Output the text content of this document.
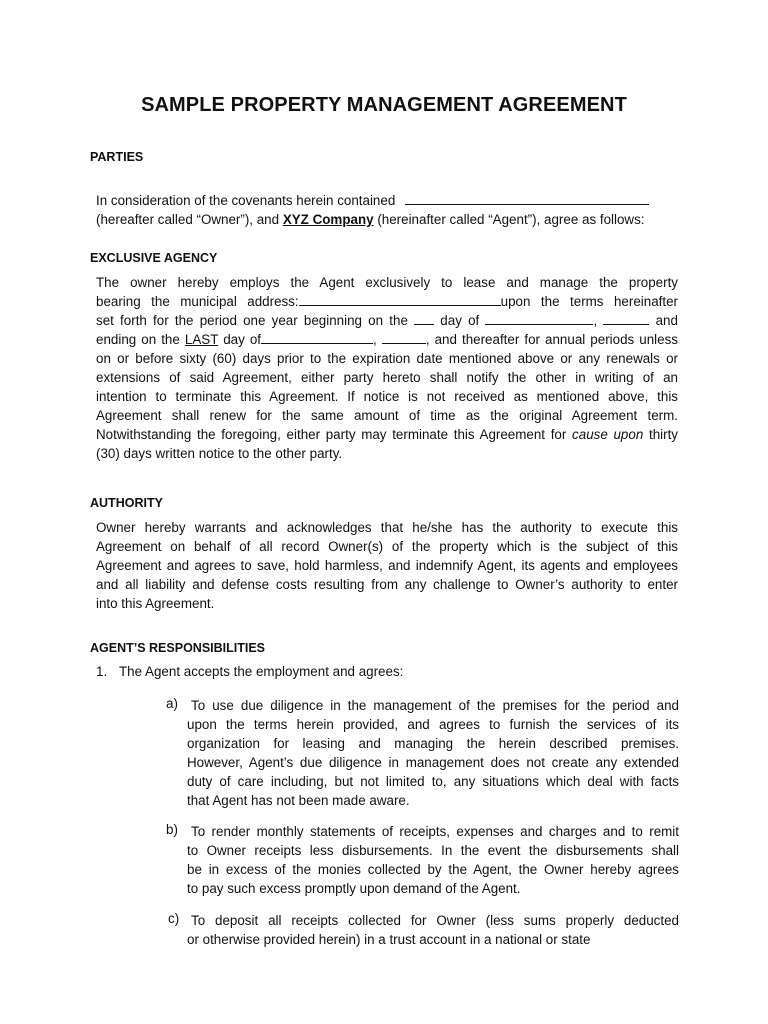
SAMPLE PROPERTY MANAGEMENT AGREEMENT
PARTIES
In consideration of the covenants herein contained
(hereafter called “Owner”), and XYZ Company (hereinafter called “Agent”), agree as follows:
EXCLUSIVE AGENCY
The owner hereby employs the Agent exclusively to lease and manage the property
bearing the municipal address:	upon the terms hereinafter
set forth for the period one year beginning on the day of	,	and
ending on the LAST day of	,	, and thereafter for annual periods unless
on or before sixty (60) days prior to the expiration date mentioned above or any renewals or
extensions of said Agreement, either party hereto shall notify the other in writing of an
intention to terminate this Agreement. If notice is not received as mentioned above, this
Agreement shall renew for the same amount of time as the original Agreement term.
Notwithstanding the foregoing, either party may terminate this Agreement for cause upon thirty
(30) days written notice to the other party.
AUTHORITY
Owner hereby warrants and acknowledges that he/she has the authority to execute this
Agreement on behalf of all record Owner(s) of the property which is the subject of this
Agreement and agrees to save, hold harmless, and indemnify Agent, its agents and employees
and all liability and defense costs resulting from any challenge to Owner’s authority to enter
into this Agreement.
AGENT’S RESPONSIBILITIES
1. The Agent accepts the employment and agrees:
a) To use due diligence in the management of the premises for the period and
upon the terms herein provided, and agrees to furnish the services of its
organization for leasing and managing the herein described premises.
However, Agent’s due diligence in management does not create any extended
duty of care including, but not limited to, any situations which deal with facts
that Agent has not been made aware.
b) To render monthly statements of receipts, expenses and charges and to remit
to Owner receipts less disbursements. In the event the disbursements shall
be in excess of the monies collected by the Agent, the Owner hereby agrees
to pay such excess promptly upon demand of the Agent.
c) To deposit all receipts collected for Owner (less sums properly deducted
or otherwise provided herein) in a trust account in a national or state
